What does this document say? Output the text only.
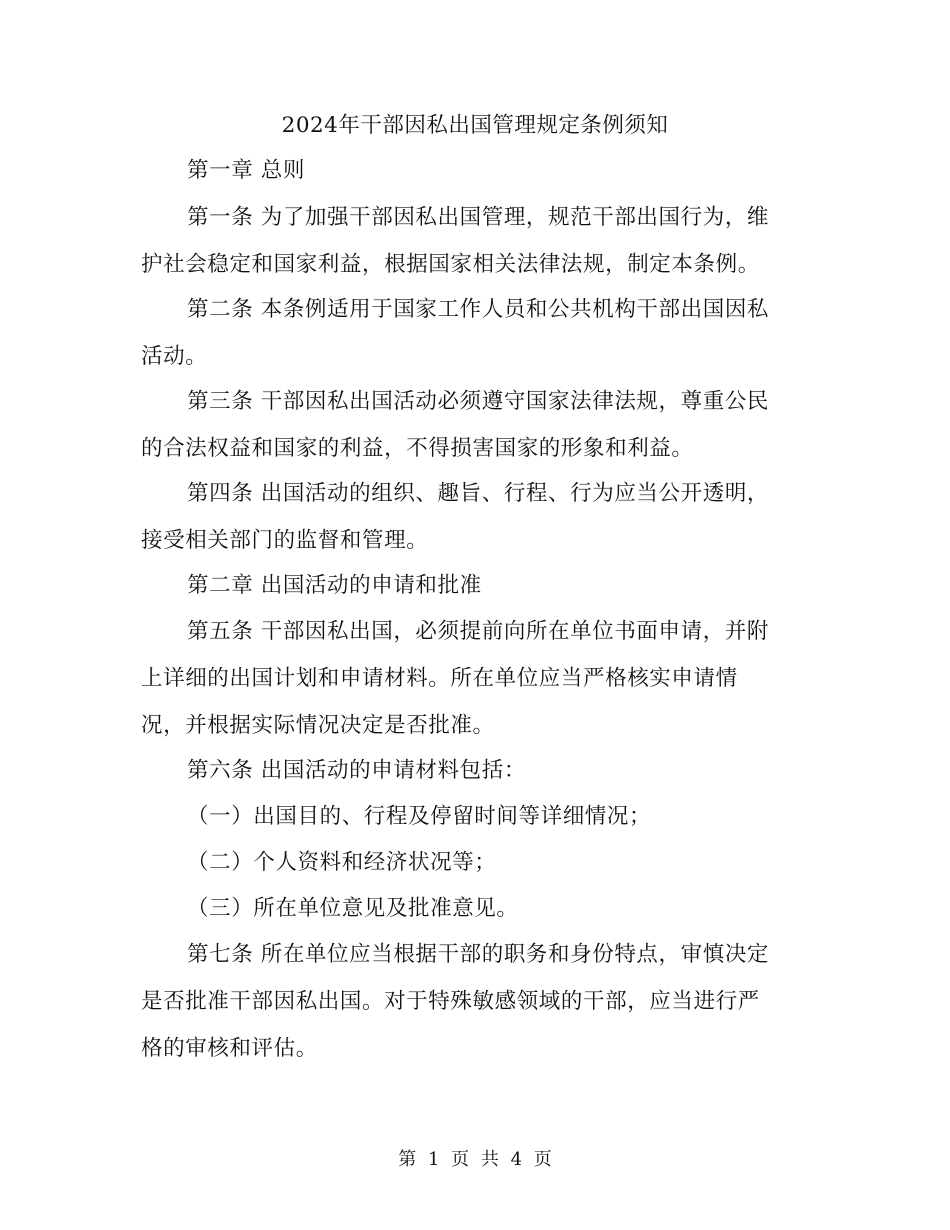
2024年干部因私出国管理规定条例须知

第一章 总则

第一条 为了加强干部因私出国管理，规范干部出国行为，维
护社会稳定和国家利益，根据国家相关法律法规，制定本条例。

第二条 本条例适用于国家工作人员和公共机构干部出国因私
活动。

第三条 干部因私出国活动必须遵守国家法律法规，尊重公民
的合法权益和国家的利益，不得损害国家的形象和利益。

第四条 出国活动的组织、趣旨、行程、行为应当公开透明，
接受相关部门的监督和管理。

第二章 出国活动的申请和批准

第五条 干部因私出国，必须提前向所在单位书面申请，并附
上详细的出国计划和申请材料。所在单位应当严格核实申请情
况，并根据实际情况决定是否批准。

第六条 出国活动的申请材料包括：

（一）出国目的、行程及停留时间等详细情况；

（二）个人资料和经济状况等；

（三）所在单位意见及批准意见。

第七条 所在单位应当根据干部的职务和身份特点，审慎决定
是否批准干部因私出国。对于特殊敏感领域的干部，应当进行严
格的审核和评估。

第 1 页 共 4 页
